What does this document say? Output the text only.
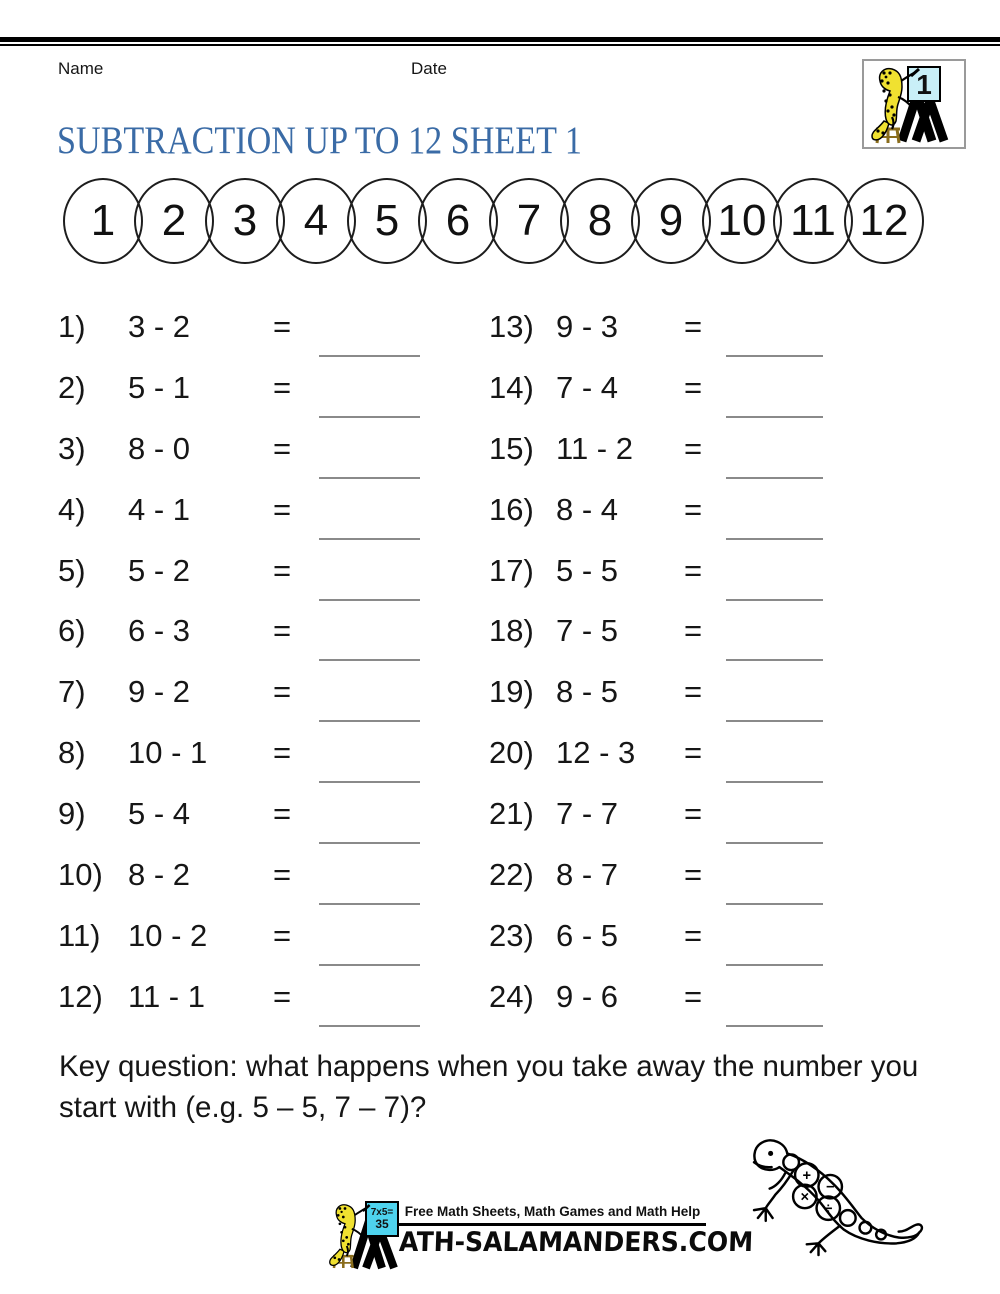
Name	Date
1
SUBTRACTION UP TO 12 SHEET 1
1 2 3 4 5 6 7 8 9 10 11 12
1) 3 - 2	=	13) 9 - 3 =
2) 5 - 1	=	14) 7 - 4 =
3) 8 - 0	=	15) 11 - 2 =
4) 4 - 1	=	16) 8 - 4 =
5) 5 - 2	=	17) 5 - 5 =
6) 6 - 3	=	18) 7 - 5 =
7) 9 - 2	=	19) 8 - 5 =
8) 10 - 1 =	20) 12 - 3 =
9) 5 - 4	=	21) 7 - 7 =
10) 8 - 2	=	22) 8 - 7 =
11) 10 - 2 =	23) 6 - 5 =
12) 11 - 1 =	24) 9 - 6 =
Key question: what happens when you take away the number you
start with (e.g. 5 – 5, 7 – 7)?
+
−
×
÷
7x5=
35
Free Math Sheets, Math Games and Math Help
ATH-SALAMANDERS.COM
